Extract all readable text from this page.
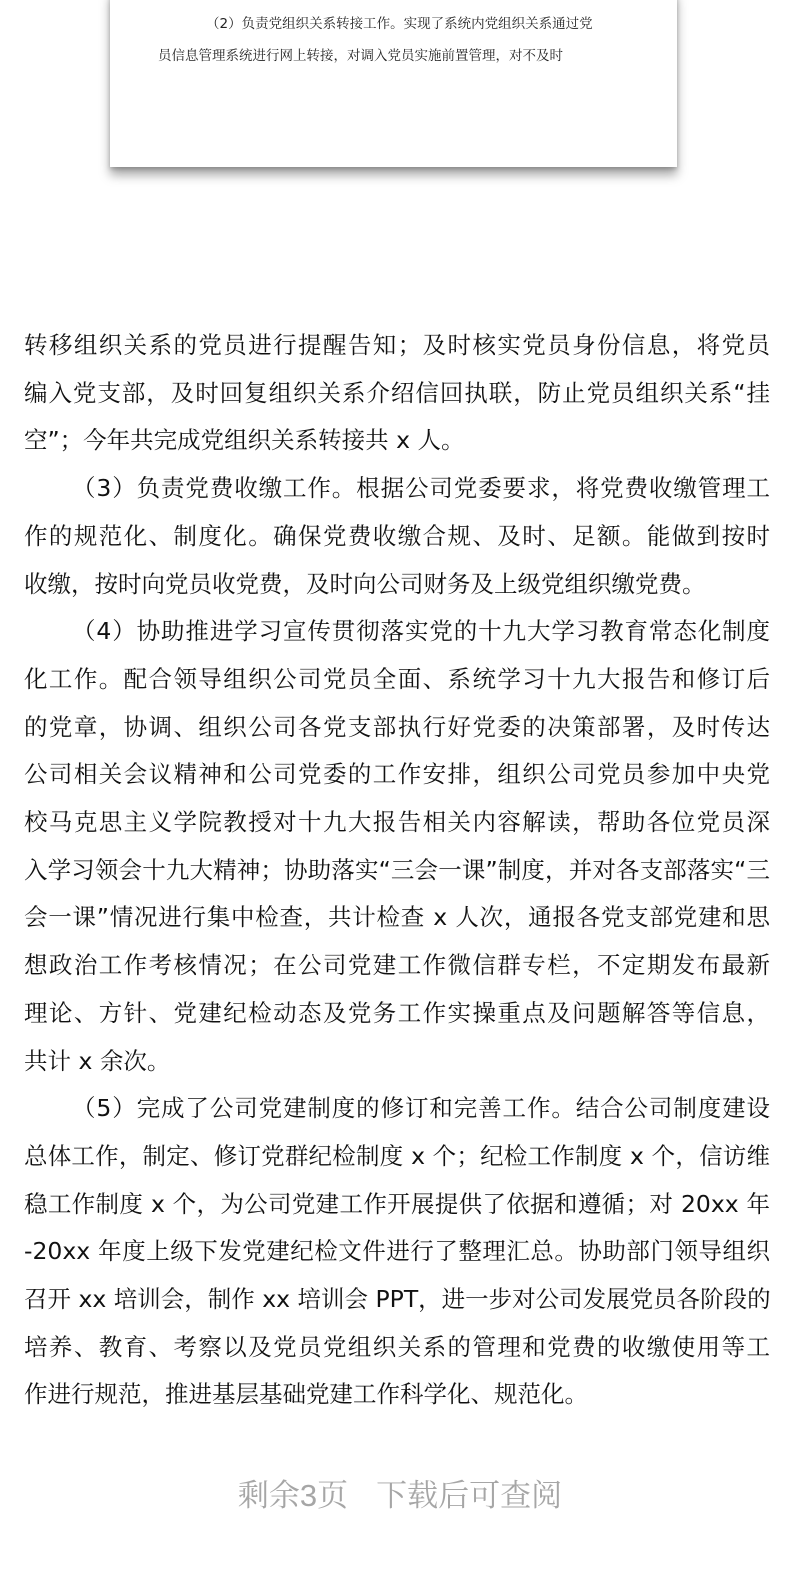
（2）负责党组织关系转接工作。实现了系统内党组织关系通过党
员信息管理系统进行网上转接，对调入党员实施前置管理，对不及时
转移组织关系的党员进行提醒告知；及时核实党员身份信息，将党员
编入党支部，及时回复组织关系介绍信回执联，防止党员组织关系“挂
空”；今年共完成党组织关系转接共 x 人。
（3）负责党费收缴工作。根据公司党委要求，将党费收缴管理工
作的规范化、制度化。确保党费收缴合规、及时、足额。能做到按时
收缴，按时向党员收党费，及时向公司财务及上级党组织缴党费。
（4）协助推进学习宣传贯彻落实党的十九大学习教育常态化制度
化工作。配合领导组织公司党员全面、系统学习十九大报告和修订后
的党章，协调、组织公司各党支部执行好党委的决策部署，及时传达
公司相关会议精神和公司党委的工作安排，组织公司党员参加中央党
校马克思主义学院教授对十九大报告相关内容解读，帮助各位党员深
入学习领会十九大精神；协助落实“三会一课”制度，并对各支部落实“三
会一课”情况进行集中检查，共计检查 x 人次，通报各党支部党建和思
想政治工作考核情况；在公司党建工作微信群专栏，不定期发布最新
理论、方针、党建纪检动态及党务工作实操重点及问题解答等信息，
共计 x 余次。
（5）完成了公司党建制度的修订和完善工作。结合公司制度建设
总体工作，制定、修订党群纪检制度 x 个；纪检工作制度 x 个，信访维
稳工作制度 x 个，为公司党建工作开展提供了依据和遵循；对 20xx 年
-20xx 年度上级下发党建纪检文件进行了整理汇总。协助部门领导组织
召开 xx 培训会，制作 xx 培训会 PPT，进一步对公司发展党员各阶段的
培养、教育、考察以及党员党组织关系的管理和党费的收缴使用等工
作进行规范，推进基层基础党建工作科学化、规范化。
剩余3页 下载后可查阅
